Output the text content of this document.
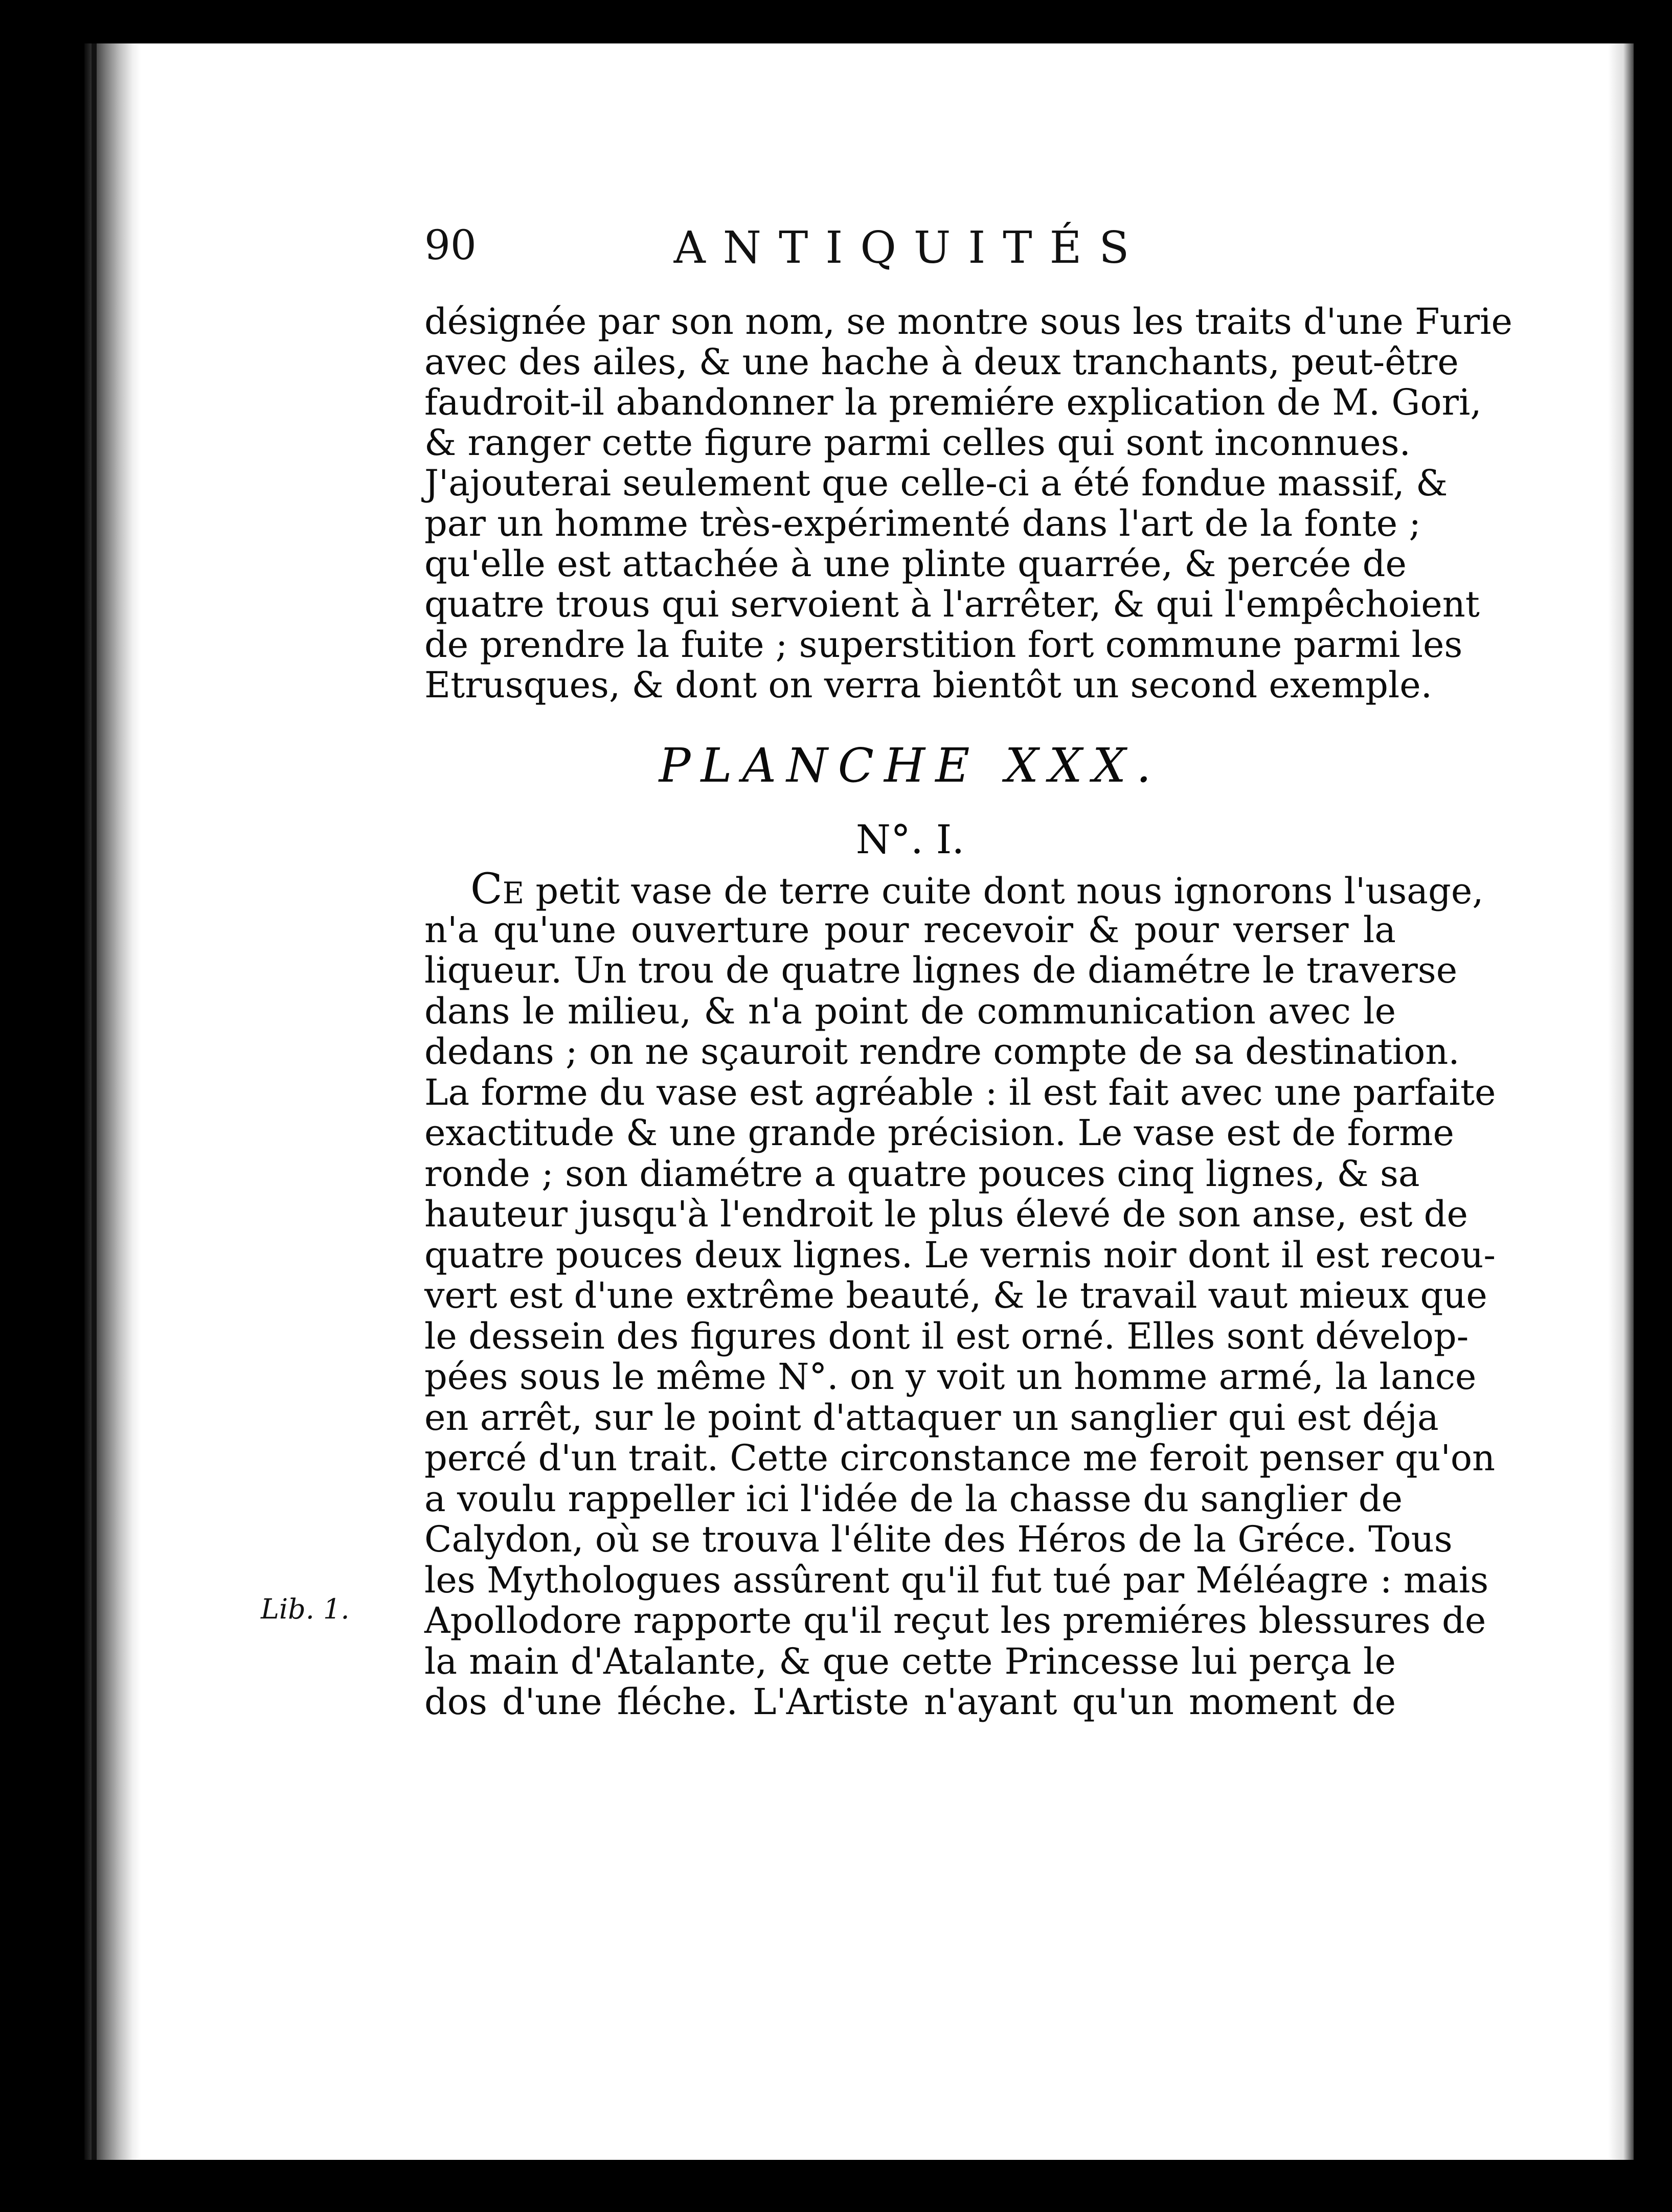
90	ANTIQUITÉS
désignée par son nom, se montre sous les traits d'une Furie
avec des ailes, & une hache à deux tranchants, peut-être
faudroit-il abandonner la premiére explication de M. Gori,
& ranger cette figure parmi celles qui sont inconnues.
J'ajouterai seulement que celle-ci a été fondue massif, &
par un homme très-expérimenté dans l'art de la fonte ;
qu'elle est attachée à une plinte quarrée, & percée de
quatre trous qui servoient à l'arrêter, & qui l'empêchoient
de prendre la fuite ; superstition fort commune parmi les
Etrusques, & dont on verra bientôt un second exemple.
PLANCHE XXX.
N°. I.
CE petit vase de terre cuite dont nous ignorons l'usage,
n'a qu'une ouverture pour recevoir & pour verser la
liqueur. Un trou de quatre lignes de diamétre le traverse
dans le milieu, & n'a point de communication avec le
dedans ; on ne sçauroit rendre compte de sa destination.
La forme du vase est agréable : il est fait avec une parfaite
exactitude & une grande précision. Le vase est de forme
ronde ; son diamétre a quatre pouces cinq lignes, & sa
hauteur jusqu'à l'endroit le plus élevé de son anse, est de
quatre pouces deux lignes. Le vernis noir dont il est recou-
vert est d'une extrême beauté, & le travail vaut mieux que
le dessein des figures dont il est orné. Elles sont dévelop-
pées sous le même N°. on y voit un homme armé, la lance
en arrêt, sur le point d'attaquer un sanglier qui est déja
percé d'un trait. Cette circonstance me feroit penser qu'on
a voulu rappeller ici l'idée de la chasse du sanglier de
Calydon, où se trouva l'élite des Héros de la Gréce. Tous
les Mythologues assûrent qu'il fut tué par Méléagre : mais
Apollodore rapporte qu'il reçut les premiéres blessures de
la main d'Atalante, & que cette Princesse lui perça le
dos d'une fléche. L'Artiste n'ayant qu'un moment de
Lib. 1.
